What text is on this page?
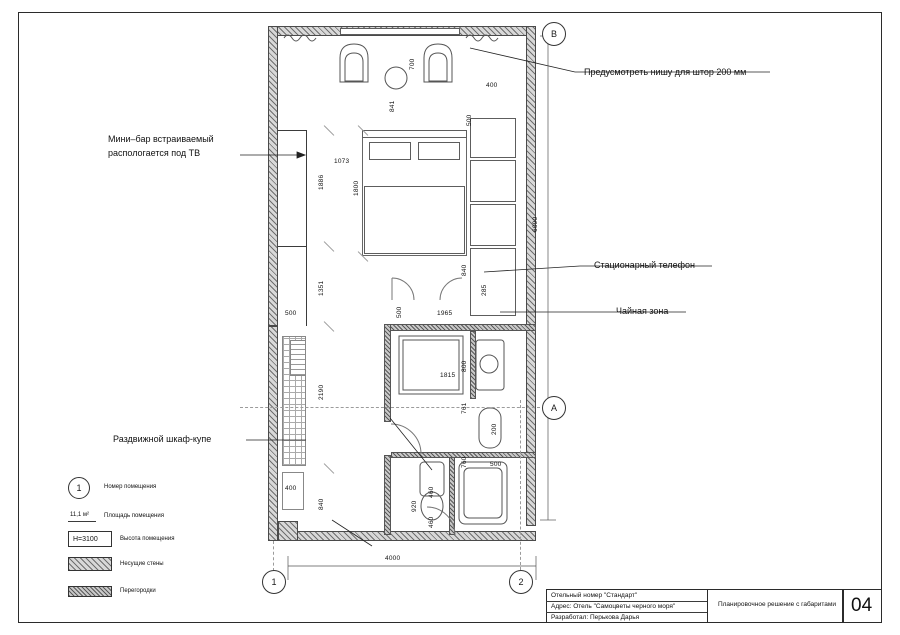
B
A
1	2
4000
6090
700
841
400
500
1073
1886	1800
1351
2190
500	500	1965
840
285
800
1815
761
760	500
200
920
460
460
840
400
Предусмотреть нишу для штор 200 мм
Мини–бар встраиваемый
распологается под ТВ
Стационарный телефон
Чайная зона
Раздвижной шкаф-купе
1	Номер помещения
11,1 м² Площадь помещения
Н=3100	Высота помещения
Несущие стены
Перегородки
Отельный номер "Стандарт"
Адрес: Отель "Самоцветы черного моря"
Разработал: Перькова Дарья
Планировочное решение с габаритами 04
